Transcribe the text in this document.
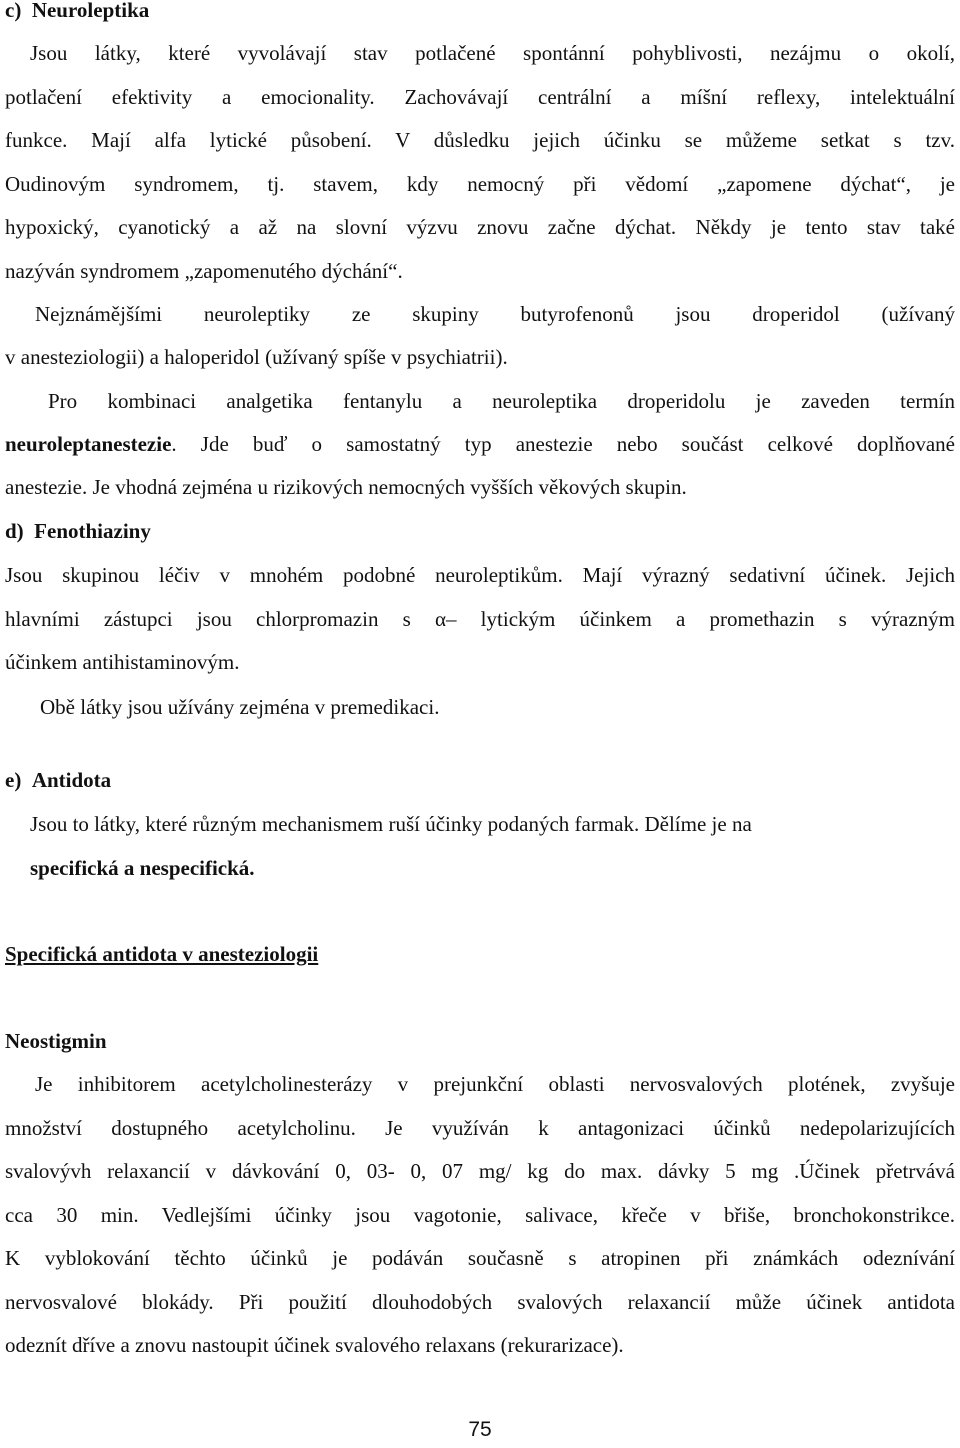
c)  Neuroleptika
Jsou látky, které vyvolávají stav potlačené spontánní pohyblivosti, nezájmu o okolí,
potlačení efektivity a emocionality. Zachovávají centrální a míšní reflexy, intelektuální
funkce. Mají alfa lytické působení. V důsledku jejich účinku se můžeme setkat s tzv.
Oudinovým syndromem, tj. stavem, kdy nemocný při vědomí „zapomene dýchat“, je
hypoxický, cyanotický a až na slovní výzvu znovu začne dýchat. Někdy je tento stav také
nazýván syndromem „zapomenutého dýchání“.
Nejznámějšími neuroleptiky ze skupiny butyrofenonů jsou droperidol (užívaný
v anesteziologii) a haloperidol (užívaný spíše v psychiatrii).
Pro kombinaci analgetika fentanylu a neuroleptika droperidolu je zaveden termín
neuroleptanestezie. Jde buď o samostatný typ anestezie nebo součást celkové doplňované
anestezie. Je vhodná zejména u rizikových nemocných vyšších věkových skupin.
d)  Fenothiaziny
Jsou skupinou léčiv v mnohém podobné neuroleptikům. Mají výrazný sedativní účinek. Jejich
hlavními zástupci jsou chlorpromazin s α– lytickým účinkem a promethazin s výrazným
účinkem antihistaminovým.
Obě látky jsou užívány zejména v premedikaci.
e)  Antidota
Jsou to látky, které různým mechanismem ruší účinky podaných farmak. Dělíme je na
specifická a nespecifická.
Specifická antidota v anesteziologii
Neostigmin
Je inhibitorem acetylcholinesterázy v prejunkční oblasti nervosvalových plotének, zvyšuje
množství dostupného acetylcholinu. Je využíván k antagonizaci účinků nedepolarizujících
svalovývh relaxancií v dávkování 0, 03- 0, 07 mg/ kg do max. dávky 5 mg .Účinek přetrvává
cca 30 min. Vedlejšími účinky jsou vagotonie, salivace, křeče v břiše, bronchokonstrikce.
K vyblokování těchto účinků je podáván současně s atropinen při známkách odeznívání
nervosvalové blokády. Při použití dlouhodobých svalových relaxancií může účinek antidota
odeznít dříve a znovu nastoupit účinek svalového relaxans (rekurarizace).
75
